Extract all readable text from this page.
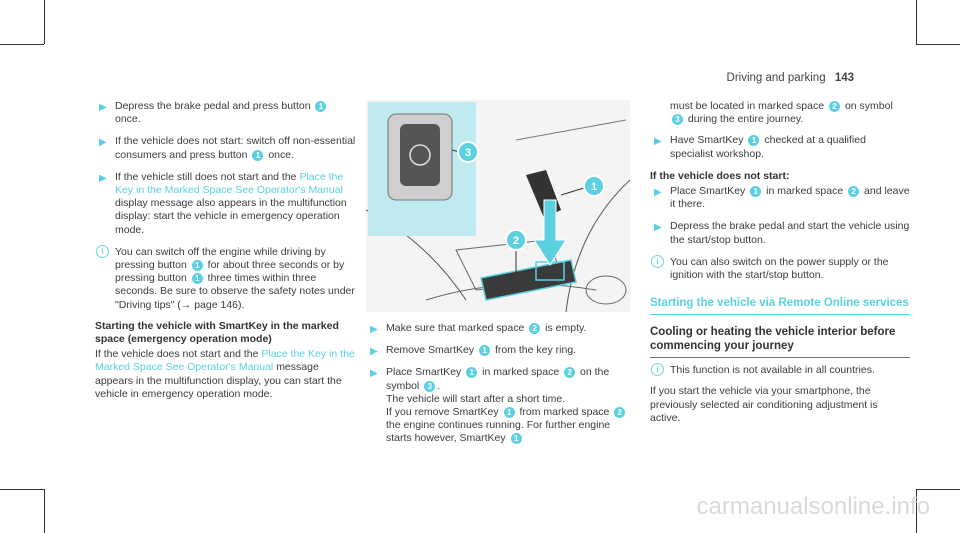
Driving and parking 143
▶ Depress the brake pedal and press button 1 once.
▶ If the vehicle does not start: switch off non-essential consumers and press button 1 once.
▶ If the vehicle still does not start and the Place the Key in the Marked Space See Operator's Manual display message also appears in the multifunction display: start the vehicle in emergency operation mode.
i	You can switch off the engine while driving by pressing button 1 for about three seconds or by pressing button 1 three times within three seconds. Be sure to observe the safety notes under "Driving tips" (→ page 146).
Starting the vehicle with SmartKey in the marked space (emergency operation mode)
If the vehicle does not start and the Place the Key in the Marked Space See Operator's Manual message appears in the multifunction display, you can start the vehicle in emergency operation mode.
3
1
2
▶ Make sure that marked space 2 is empty.
▶ Remove SmartKey 1 from the key ring.
▶ Place SmartKey 1 in marked space 2 on the symbol 3 .
The vehicle will start after a short time.
If you remove SmartKey 1 from marked space 2 the engine continues running. For further engine starts however, SmartKey 1
must be located in marked space 2 on symbol 3 during the entire journey.
▶ Have SmartKey 1 checked at a qualified specialist workshop.
If the vehicle does not start:
▶ Place SmartKey 1 in marked space 2 and leave it there.
▶ Depress the brake pedal and start the vehicle using the start/stop button.
i	You can also switch on the power supply or the ignition with the start/stop button.
Starting the vehicle via Remote Online services
Cooling or heating the vehicle interior before commencing your journey
i	This function is not available in all countries.
If you start the vehicle via your smartphone, the previously selected air conditioning adjustment is active.
carmanualsonline.info
